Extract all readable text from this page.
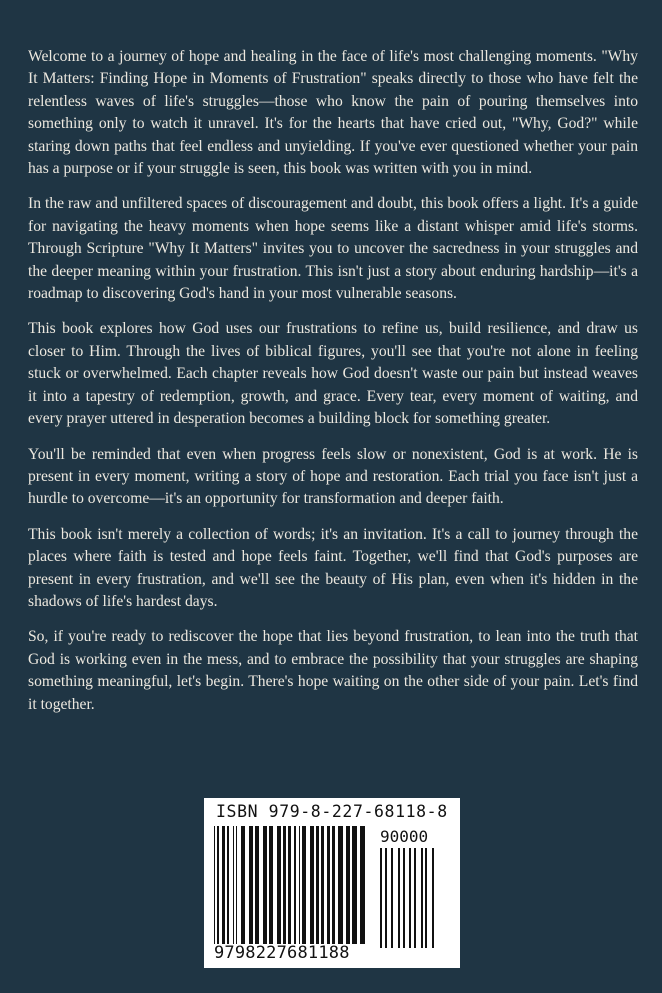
Welcome to a journey of hope and healing in the face of life's most challenging moments. "Why It Matters: Finding Hope in Moments of Frustration" speaks directly to those who have felt the relentless waves of life's struggles—those who know the pain of pouring themselves into something only to watch it unravel. It's for the hearts that have cried out, "Why, God?" while staring down paths that feel endless and unyielding. If you've ever questioned whether your pain has a purpose or if your struggle is seen, this book was written with you in mind.

In the raw and unfiltered spaces of discouragement and doubt, this book offers a light. It's a guide for navigating the heavy moments when hope seems like a distant whisper amid life's storms. Through Scripture "Why It Matters" invites you to uncover the sacredness in your struggles and the deeper meaning within your frustration. This isn't just a story about enduring hardship—it's a roadmap to discovering God's hand in your most vulnerable seasons.

This book explores how God uses our frustrations to refine us, build resilience, and draw us closer to Him. Through the lives of biblical figures, you'll see that you're not alone in feeling stuck or overwhelmed. Each chapter reveals how God doesn't waste our pain but instead weaves it into a tapestry of redemption, growth, and grace. Every tear, every moment of waiting, and every prayer uttered in desperation becomes a building block for something greater.

You'll be reminded that even when progress feels slow or nonexistent, God is at work. He is present in every moment, writing a story of hope and restoration. Each trial you face isn't just a hurdle to overcome—it's an opportunity for transformation and deeper faith.

This book isn't merely a collection of words; it's an invitation. It's a call to journey through the places where faith is tested and hope feels faint. Together, we'll find that God's purposes are present in every frustration, and we'll see the beauty of His plan, even when it's hidden in the shadows of life's hardest days.

So, if you're ready to rediscover the hope that lies beyond frustration, to lean into the truth that God is working even in the mess, and to embrace the possibility that your struggles are shaping something meaningful, let's begin. There's hope waiting on the other side of your pain. Let's find it together.

ISBN 979-8-227-68118-8
9798227681188
90000
